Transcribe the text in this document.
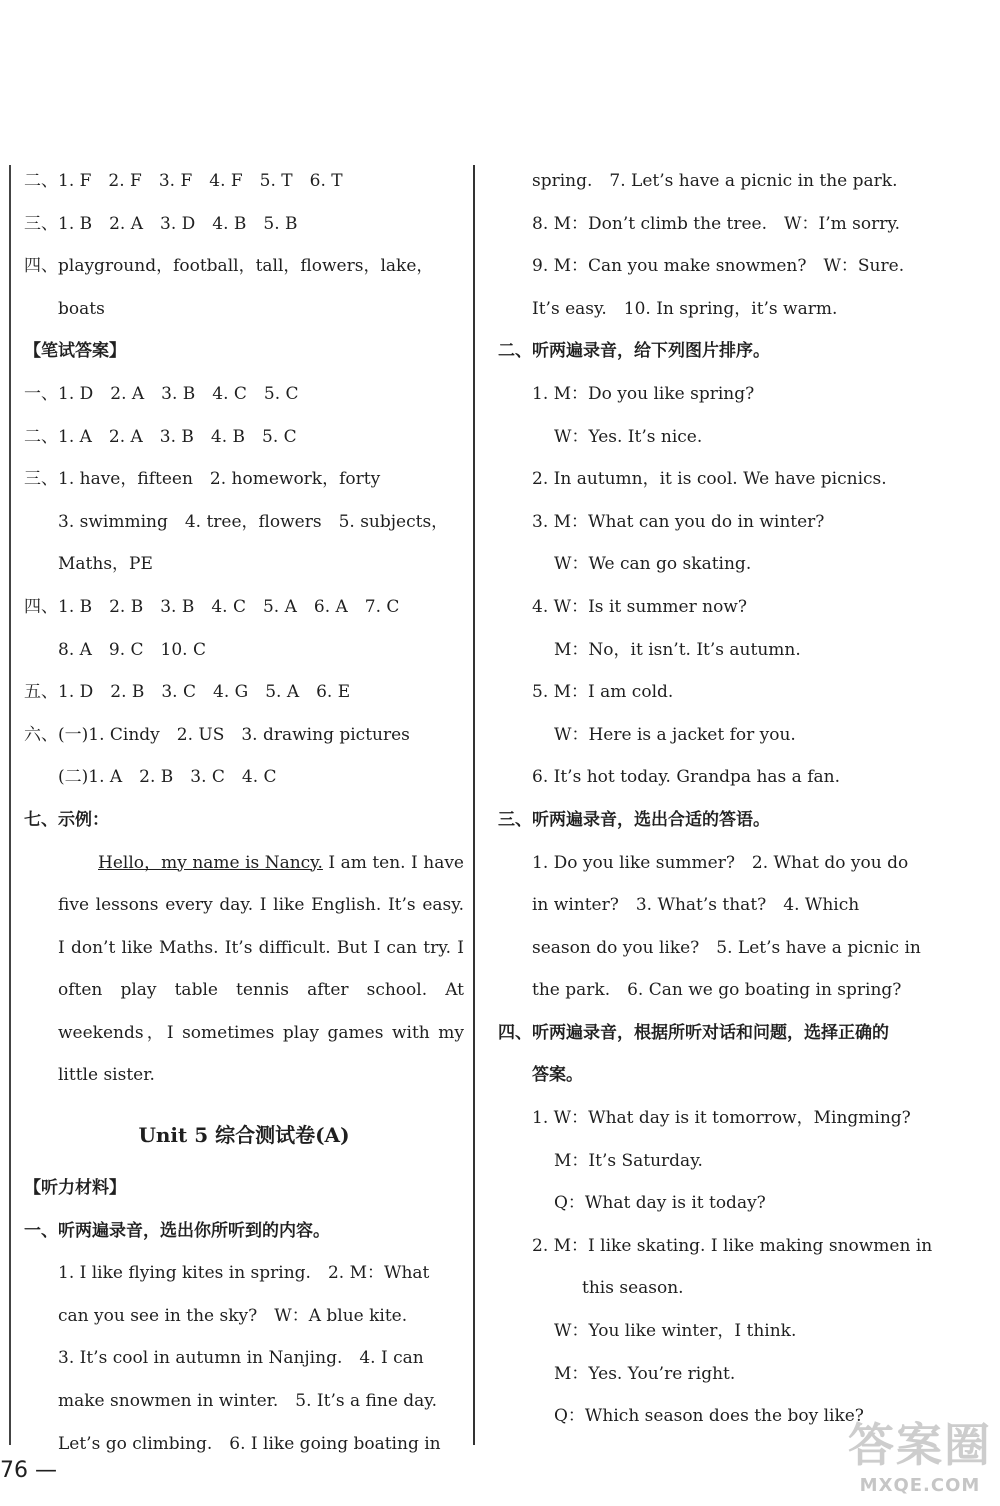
二、1. F　2. F　3. F　4. F　5. T　6. T
三、1. B　2. A　3. D　4. B　5. B
四、playground，football，tall，flowers，lake，
boats
【笔试答案】
一、1. D　2. A　3. B　4. C　5. C
二、1. A　2. A　3. B　4. B　5. C
三、1. have，fifteen　2. homework，forty
3. swimming　4. tree，flowers　5. subjects，
Maths，PE
四、1. B　2. B　3. B　4. C　5. A　6. A　7. C
8. A　9. C　10. C
五、1. D　2. B　3. C　4. G　5. A　6. E
六、(一)1. Cindy　2. US　3. drawing pictures
(二)1. A　2. B　3. C　4. C
七、示例：
Hello，my name is Nancy. I am ten. I have five lessons every day. I like English. It’s easy. I don’t like Maths. It’s difficult. But I can try. I often play table tennis after school. At weekends，I sometimes play games with my little sister.
Unit 5 综合测试卷(A)
【听力材料】
一、听两遍录音，选出你所听到的内容。
1. I like flying kites in spring.　2. M：What
can you see in the sky?　W：A blue kite.
3. It’s cool in autumn in Nanjing.　4. I can
make snowmen in winter.　5. It’s a fine day.
Let’s go climbing.　6. I like going boating in
spring.　7. Let’s have a picnic in the park.
8. M：Don’t climb the tree.　W：I’m sorry.
9. M：Can you make snowmen?　W：Sure.
It’s easy.　10. In spring，it’s warm.
二、听两遍录音，给下列图片排序。
1. M：Do you like spring?
W：Yes. It’s nice.
2. In autumn，it is cool. We have picnics.
3. M：What can you do in winter?
W：We can go skating.
4. W：Is it summer now?
M：No，it isn’t. It’s autumn.
5. M：I am cold.
W：Here is a jacket for you.
6. It’s hot today. Grandpa has a fan.
三、听两遍录音，选出合适的答语。
1. Do you like summer?　2. What do you do
in winter?　3. What’s that?　4. Which
season do you like?　5. Let’s have a picnic in
the park.　6. Can we go boating in spring?
四、听两遍录音，根据所听对话和问题，选择正确的
答案。
1. W：What day is it tomorrow，Mingming?
M：It’s Saturday.
Q：What day is it today?
2. M：I like skating. I like making snowmen in
this season.
W：You like winter，I think.
M：Yes. You’re right.
Q：Which season does the boy like?
76 —	答案圈
MXQE.COM
